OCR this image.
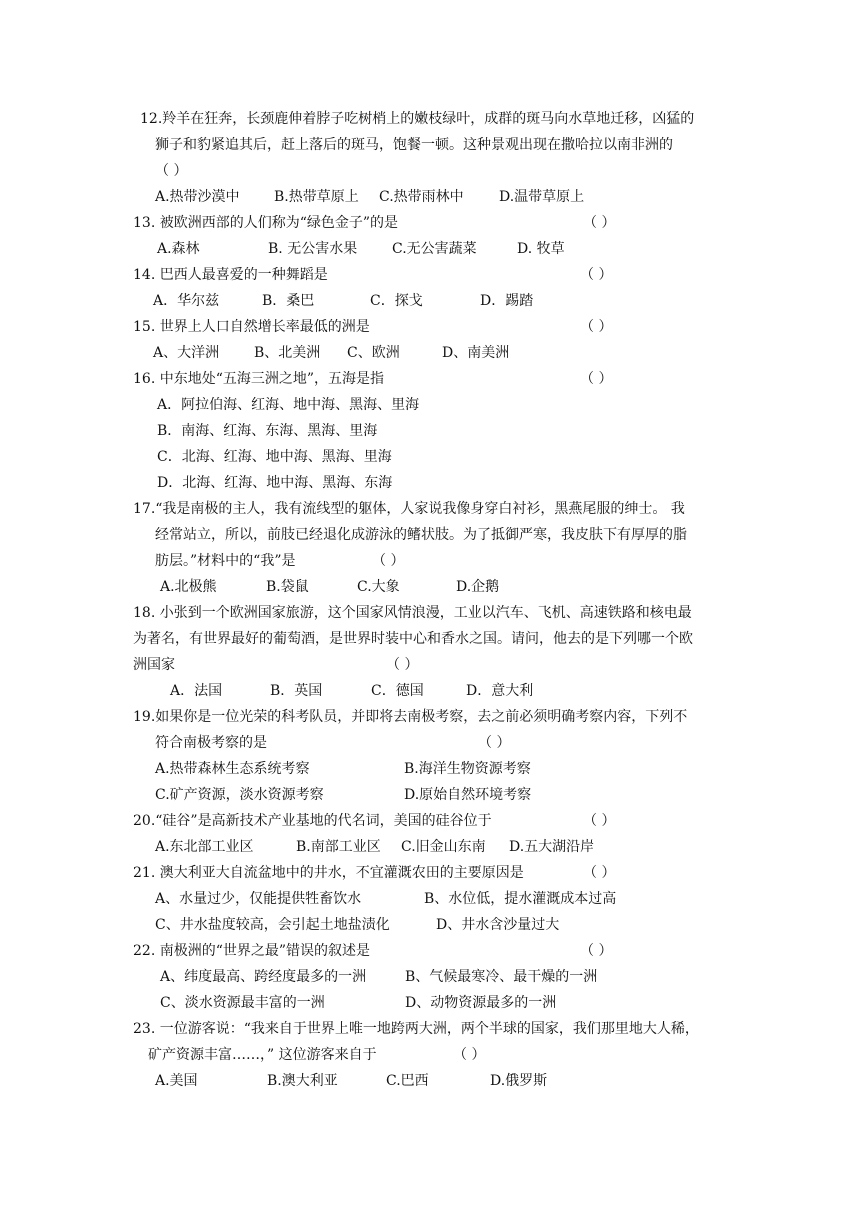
12.羚羊在狂奔，长颈鹿伸着脖子吃树梢上的嫩枝绿叶，成群的斑马向水草地迁移，凶猛的
狮子和豹紧追其后，赶上落后的斑马，饱餐一顿。这种景观出现在撒哈拉以南非洲的
（ ）
A.热带沙漠中 B.热带草原上 C.热带雨林中	D.温带草原上
13. 被欧洲西部的人们称为“绿色金子”的是	（ ）
A.森林	B. 无公害水果 C.无公害蔬菜	D. 牧草
14. 巴西人最喜爱的一种舞蹈是	（ ）
A．华尔兹	B．桑巴	C．探戈	D．踢踏
15. 世界上人口自然增长率最低的洲是	（ ）
A、大洋洲 B、北美洲 C、欧洲	D、南美洲
16. 中东地处“五海三洲之地”，五海是指	（ ）
A．阿拉伯海、红海、地中海、黑海、里海
B．南海、红海、东海、黑海、里海
C．北海、红海、地中海、黑海、里海
D．北海、红海、地中海、黑海、东海
17.“我是南极的主人，我有流线型的躯体，人家说我像身穿白衬衫，黑燕尾服的绅士。 我
经常站立，所以，前肢已经退化成游泳的鳍状肢。为了抵御严寒，我皮肤下有厚厚的脂
肪层。”材料中的“我”是	（ ）
A.北极熊	B.袋鼠	C.大象	D.企鹅
18. 小张到一个欧洲国家旅游，这个国家风情浪漫，工业以汽车、飞机、高速铁路和核电最
为著名，有世界最好的葡萄酒，是世界时装中心和香水之国。请问，他去的是下列哪一个欧
洲国家	（ ）
A．法国	B．英国	C．德国	D．意大利
19.如果你是一位光荣的科考队员，并即将去南极考察，去之前必须明确考察内容，下列不
符合南极考察的是	（ ）
A.热带森林生态系统考察	B.海洋生物资源考察
C.矿产资源，淡水资源考察	D.原始自然环境考察
20.“硅谷”是高新技术产业基地的代名词，美国的硅谷位于	（ ）
A.东北部工业区	B.南部工业区 C.旧金山东南 D.五大湖沿岸
21. 澳大利亚大自流盆地中的井水，不宜灌溉农田的主要原因是	（ ）
A、水量过少，仅能提供牲畜饮水	B、水位低，提水灌溉成本过高
C、井水盐度较高，会引起土地盐渍化	D、井水含沙量过大
22. 南极洲的“世界之最”错误的叙述是	（ ）
A、纬度最高、跨经度最多的一洲	B、气候最寒冷、最干燥的一洲
C、淡水资源最丰富的一洲	D、动物资源最多的一洲
23. 一位游客说：“我来自于世界上唯一地跨两大洲，两个半球的国家，我们那里地大人稀，
矿产资源丰富……，” 这位游客来自于	（ ）
A.美国	B.澳大利亚	C.巴西	D.俄罗斯
